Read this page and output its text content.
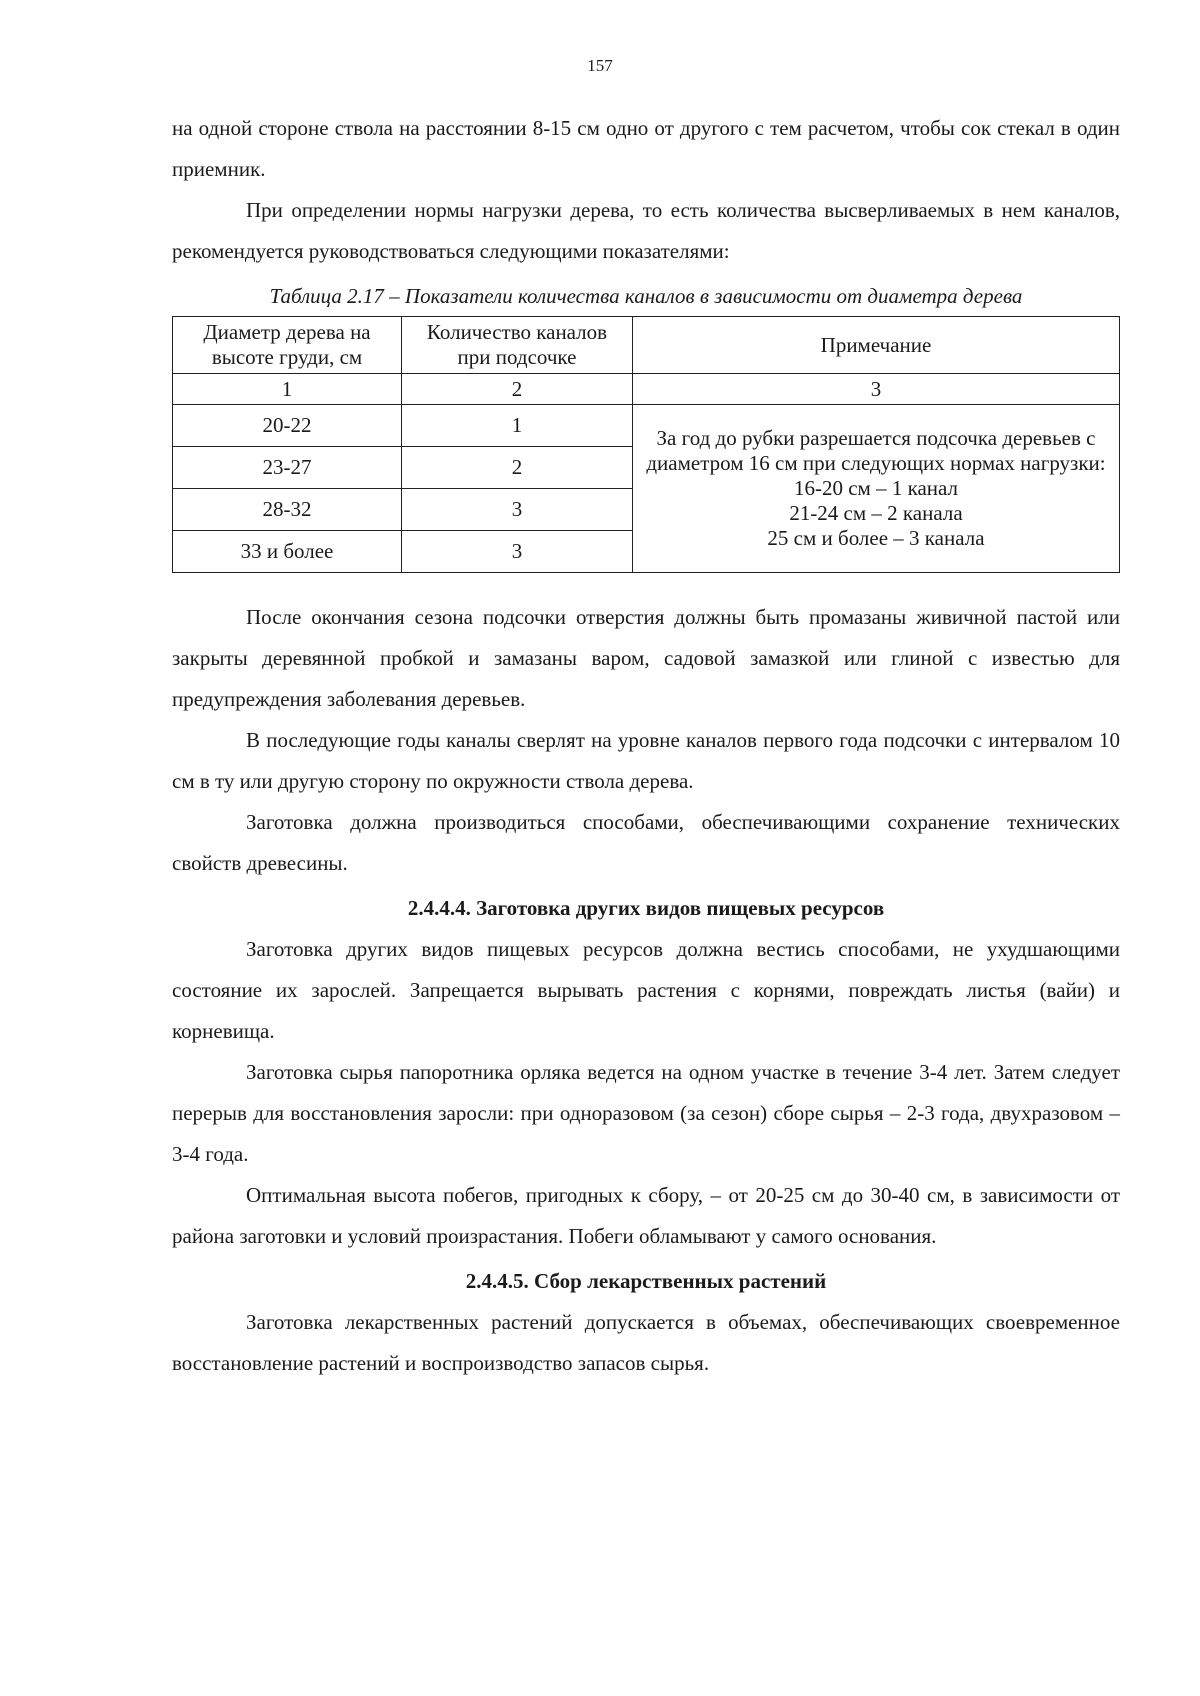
157

на одной стороне ствола на расстоянии 8-15 см одно от другого с тем расчетом, чтобы сок стекал в один приемник.

При определении нормы нагрузки дерева, то есть количества высверливаемых в нем каналов, рекомендуется руководствоваться следующими показателями:

Таблица 2.17 – Показатели количества каналов в зависимости от диаметра дерева
Диаметр дерева на высоте груди, см	Количество каналов при подсочке	Примечание
1	2	3
20-22	1	За год до рубки разрешается подсочка деревьев с диаметром 16 см при следующих нормах нагрузки:
16-20 см – 1 канал
21-24 см – 2 канала
25 см и более – 3 канала

23-27	2	
28-32	3	
33 и более	3	

После окончания сезона подсочки отверстия должны быть промазаны живичной пастой или закрыты деревянной пробкой и замазаны варом, садовой замазкой или глиной с известью для предупреждения заболевания деревьев.

В последующие годы каналы сверлят на уровне каналов первого года подсочки с интервалом 10 см в ту или другую сторону по окружности ствола дерева.

Заготовка должна производиться способами, обеспечивающими сохранение технических свойств древесины.

2.4.4.4. Заготовка других видов пищевых ресурсов

Заготовка других видов пищевых ресурсов должна вестись способами, не ухудшающими состояние их зарослей. Запрещается вырывать растения с корнями, повреждать листья (вайи) и корневища.

Заготовка сырья папоротника орляка ведется на одном участке в течение 3-4 лет. Затем следует перерыв для восстановления заросли: при одноразовом (за сезон) сборе сырья – 2-3 года, двухразовом – 3-4 года.

Оптимальная высота побегов, пригодных к сбору, – от 20-25 см до 30-40 см, в зависимости от района заготовки и условий произрастания. Побеги обламывают у самого основания.

2.4.4.5. Сбор лекарственных растений

Заготовка лекарственных растений допускается в объемах, обеспечивающих своевременное восстановление растений и воспроизводство запасов сырья.
